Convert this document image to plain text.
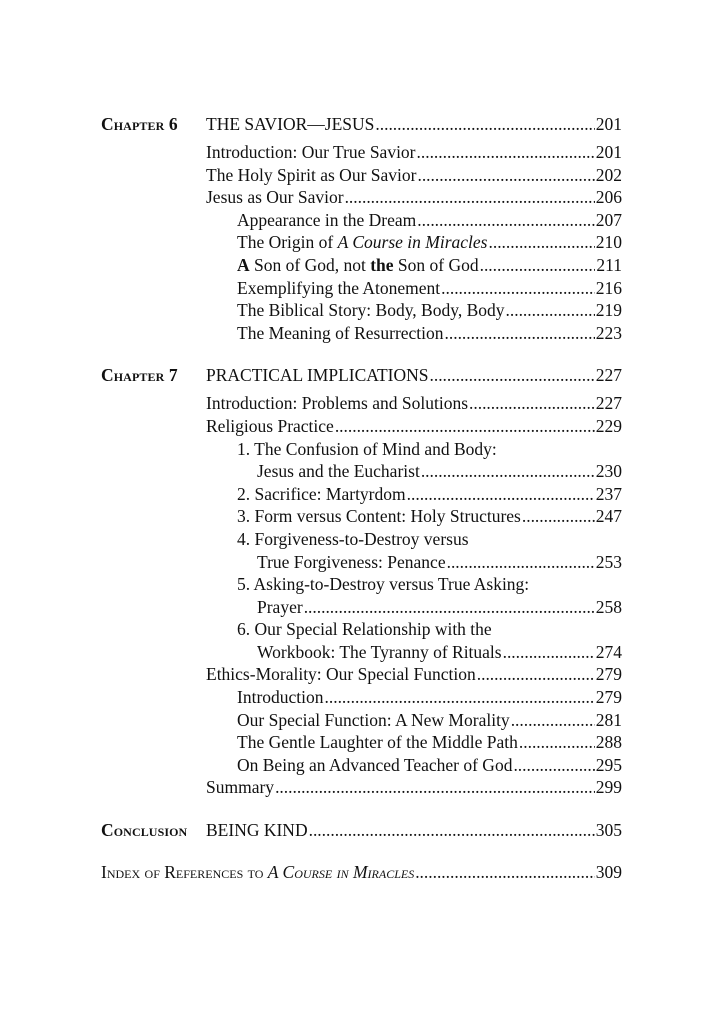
Chapter 6	THE SAVIOR—JESUS . . .	201
Introduction: Our True Savior . . .	201
The Holy Spirit as Our Savior . . .	202
Jesus as Our Savior . . .	206
Appearance in the Dream . . .	207
The Origin of A Course in Miracles . . .	210
A Son of God, not the Son of God . . .	211
Exemplifying the Atonement . . .	216
The Biblical Story: Body, Body, Body . . .	219
The Meaning of Resurrection . . .	223
Chapter 7	PRACTICAL IMPLICATIONS . . .	227
Introduction: Problems and Solutions . . .	227
Religious Practice . . .	229
1. The Confusion of Mind and Body:
Jesus and the Eucharist . . .	230
2. Sacrifice: Martyrdom . . .	237
3. Form versus Content: Holy Structures . . .	247
4. Forgiveness-to-Destroy versus
True Forgiveness: Penance . . .	253
5. Asking-to-Destroy versus True Asking:
Prayer . . .	258
6. Our Special Relationship with the
Workbook: The Tyranny of Rituals . . .	274
Ethics-Morality: Our Special Function . . .	279
Introduction . . .	279
Our Special Function: A New Morality . . .	281
The Gentle Laughter of the Middle Path . . .	288
On Being an Advanced Teacher of God . . .	295
Summary . . .	299
Conclusion	BEING KIND . . .	305
Index of References to A Course in Miracles . . .	309
